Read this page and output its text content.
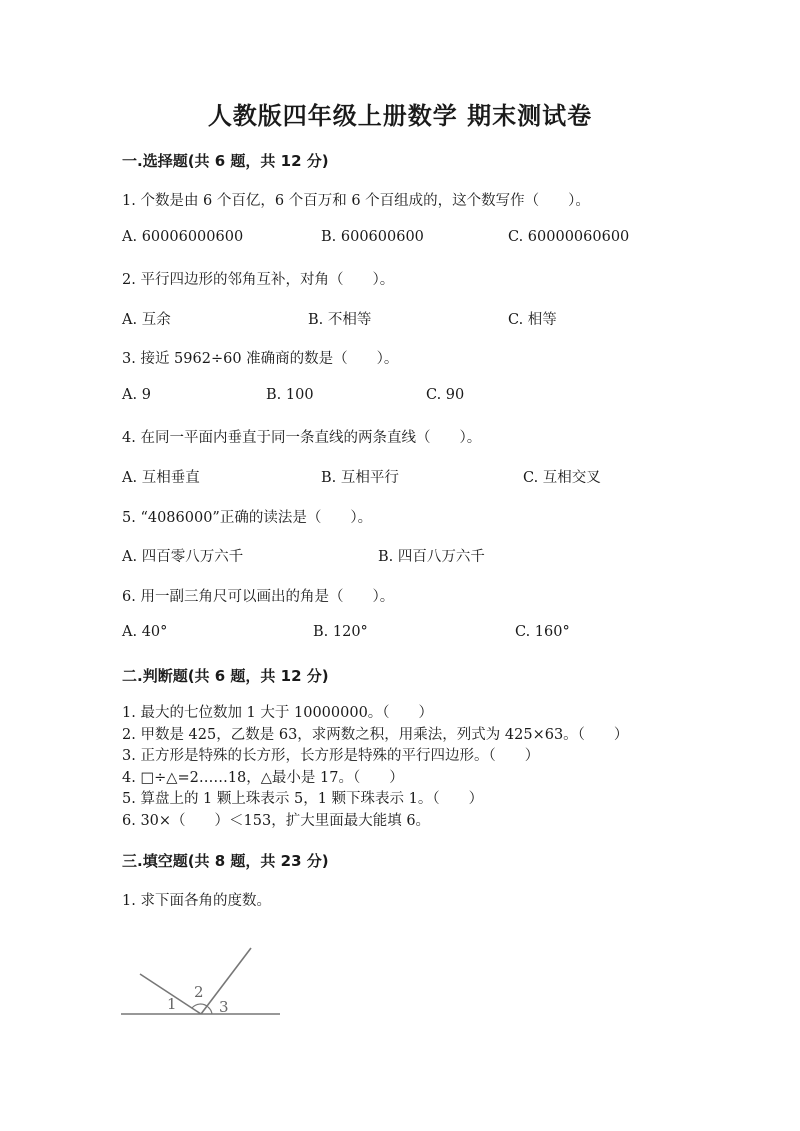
人教版四年级上册数学 期末测试卷
一.选择题(共 6 题，共 12 分)
1. 个数是由 6 个百亿，6 个百万和 6 个百组成的，这个数写作（　　）。
A. 60006000600	B. 600600600	C. 60000060600
2. 平行四边形的邻角互补，对角（　　）。
A. 互余	B. 不相等	C. 相等
3. 接近 5962÷60 准确商的数是（　　）。
A. 9	B. 100	C. 90
4. 在同一平面内垂直于同一条直线的两条直线（　　）。
A. 互相垂直	B. 互相平行	C. 互相交叉
5. “4086000”正确的读法是（　　）。
A. 四百零八万六千	B. 四百八万六千
6. 用一副三角尺可以画出的角是（　　）。
A. 40°	B. 120°	C. 160°
二.判断题(共 6 题，共 12 分)
1. 最大的七位数加 1 大于 10000000。（　　）
2. 甲数是 425，乙数是 63，求两数之积，用乘法，列式为 425×63。（　　）
3. 正方形是特殊的长方形，长方形是特殊的平行四边形。（　　）
4. □÷△=2……18，△最小是 17。（　　）
5. 算盘上的 1 颗上珠表示 5，1 颗下珠表示 1。（　　）
6. 30×（　　）＜153，扩大里面最大能填 6。
三.填空题(共 8 题，共 23 分)
1. 求下面各角的度数。
1
2
3
